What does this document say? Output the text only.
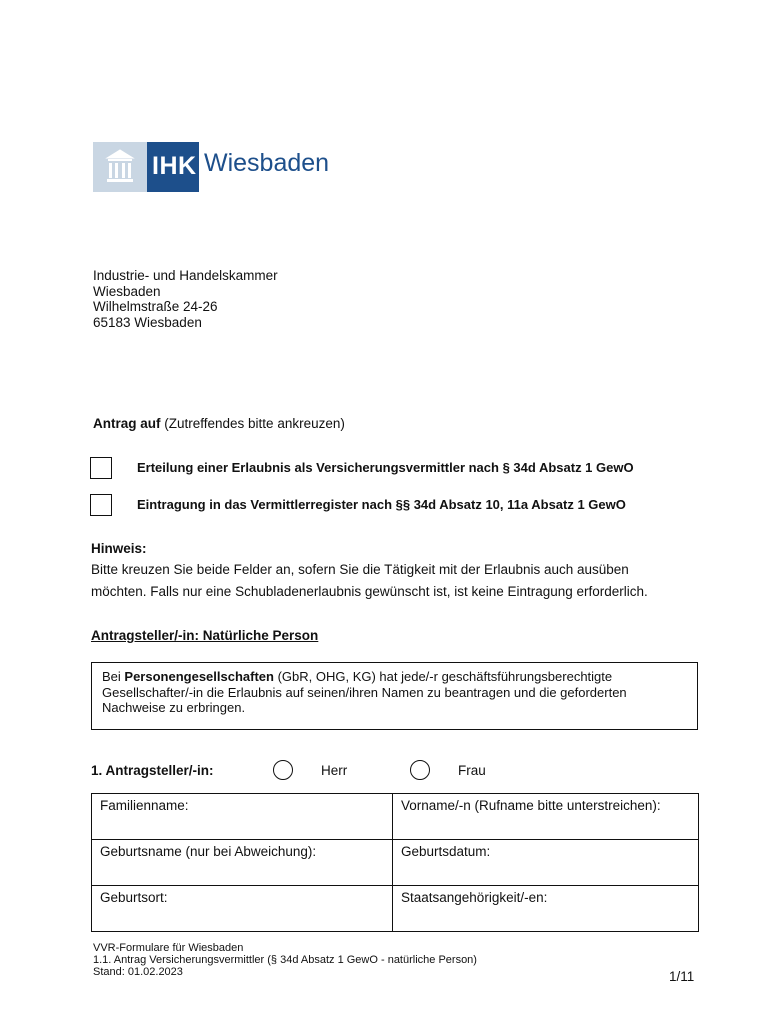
IHK Wiesbaden
Industrie- und Handelskammer
Wiesbaden
Wilhelmstraße 24-26
65183 Wiesbaden
Antrag auf (Zutreffendes bitte ankreuzen)
Erteilung einer Erlaubnis als Versicherungsvermittler nach § 34d Absatz 1 GewO
Eintragung in das Vermittlerregister nach §§ 34d Absatz 10, 11a Absatz 1 GewO
Hinweis:
Bitte kreuzen Sie beide Felder an, sofern Sie die Tätigkeit mit der Erlaubnis auch ausüben
möchten. Falls nur eine Schubladenerlaubnis gewünscht ist, ist keine Eintragung erforderlich.
Antragsteller/-in: Natürliche Person

Bei Personengesellschaften (GbR, OHG, KG) hat jede/-r geschäftsführungsberechtigte Gesellschafter/-in die Erlaubnis auf seinen/ihren Namen zu beantragen und die geforderten Nachweise zu erbringen.

1. Antragsteller/-in:	Herr	Frau
Familienname:	Vorname/-n (Rufname bitte unterstreichen):
Geburtsname (nur bei Abweichung):	Geburtsdatum:
Geburtsort:	Staatsangehörigkeit/-en:
VVR-Formulare für Wiesbaden
1.1. Antrag Versicherungsvermittler (§ 34d Absatz 1 GewO - natürliche Person)
Stand: 01.02.2023	1/11
